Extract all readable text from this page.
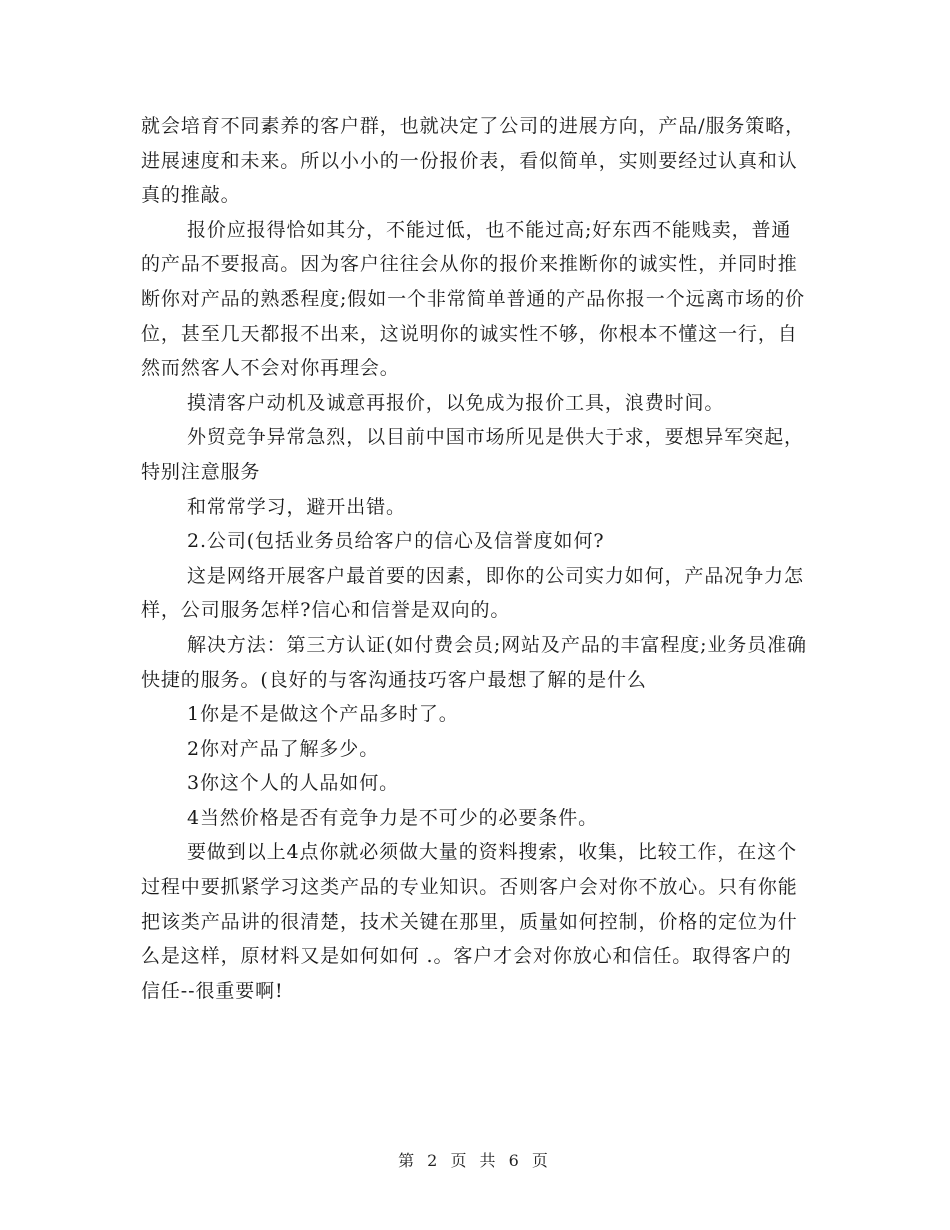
就会培育不同素养的客户群，也就决定了公司的进展方向，产品/服务策略，进展速度和未来。所以小小的一份报价表，看似简单，实则要经过认真和认真的推敲。

报价应报得恰如其分，不能过低，也不能过高;好东西不能贱卖，普通的产品不要报高。因为客户往往会从你的报价来推断你的诚实性，并同时推断你对产品的熟悉程度;假如一个非常简单普通的产品你报一个远离市场的价位，甚至几天都报不出来，这说明你的诚实性不够，你根本不懂这一行，自然而然客人不会对你再理会。

摸清客户动机及诚意再报价，以免成为报价工具，浪费时间。

外贸竞争异常急烈，以目前中国市场所见是供大于求，要想异军突起，特别注意服务

和常常学习，避开出错。

2.公司(包括业务员给客户的信心及信誉度如何?

这是网络开展客户最首要的因素，即你的公司实力如何，产品况争力怎样，公司服务怎样?信心和信誉是双向的。

解决方法：第三方认证(如付费会员;网站及产品的丰富程度;业务员准确快捷的服务。(良好的与客沟通技巧客户最想了解的是什么

1你是不是做这个产品多时了。

2你对产品了解多少。

3你这个人的人品如何。

4当然价格是否有竞争力是不可少的必要条件。

要做到以上4点你就必须做大量的资料搜索，收集，比较工作，在这个过程中要抓紧学习这类产品的专业知识。否则客户会对你不放心。只有你能把该类产品讲的很清楚，技术关键在那里，质量如何控制，价格的定位为什么是这样，原材料又是如何如何 .。客户才会对你放心和信任。取得客户的信任--很重要啊!

第 2 页 共 6 页
